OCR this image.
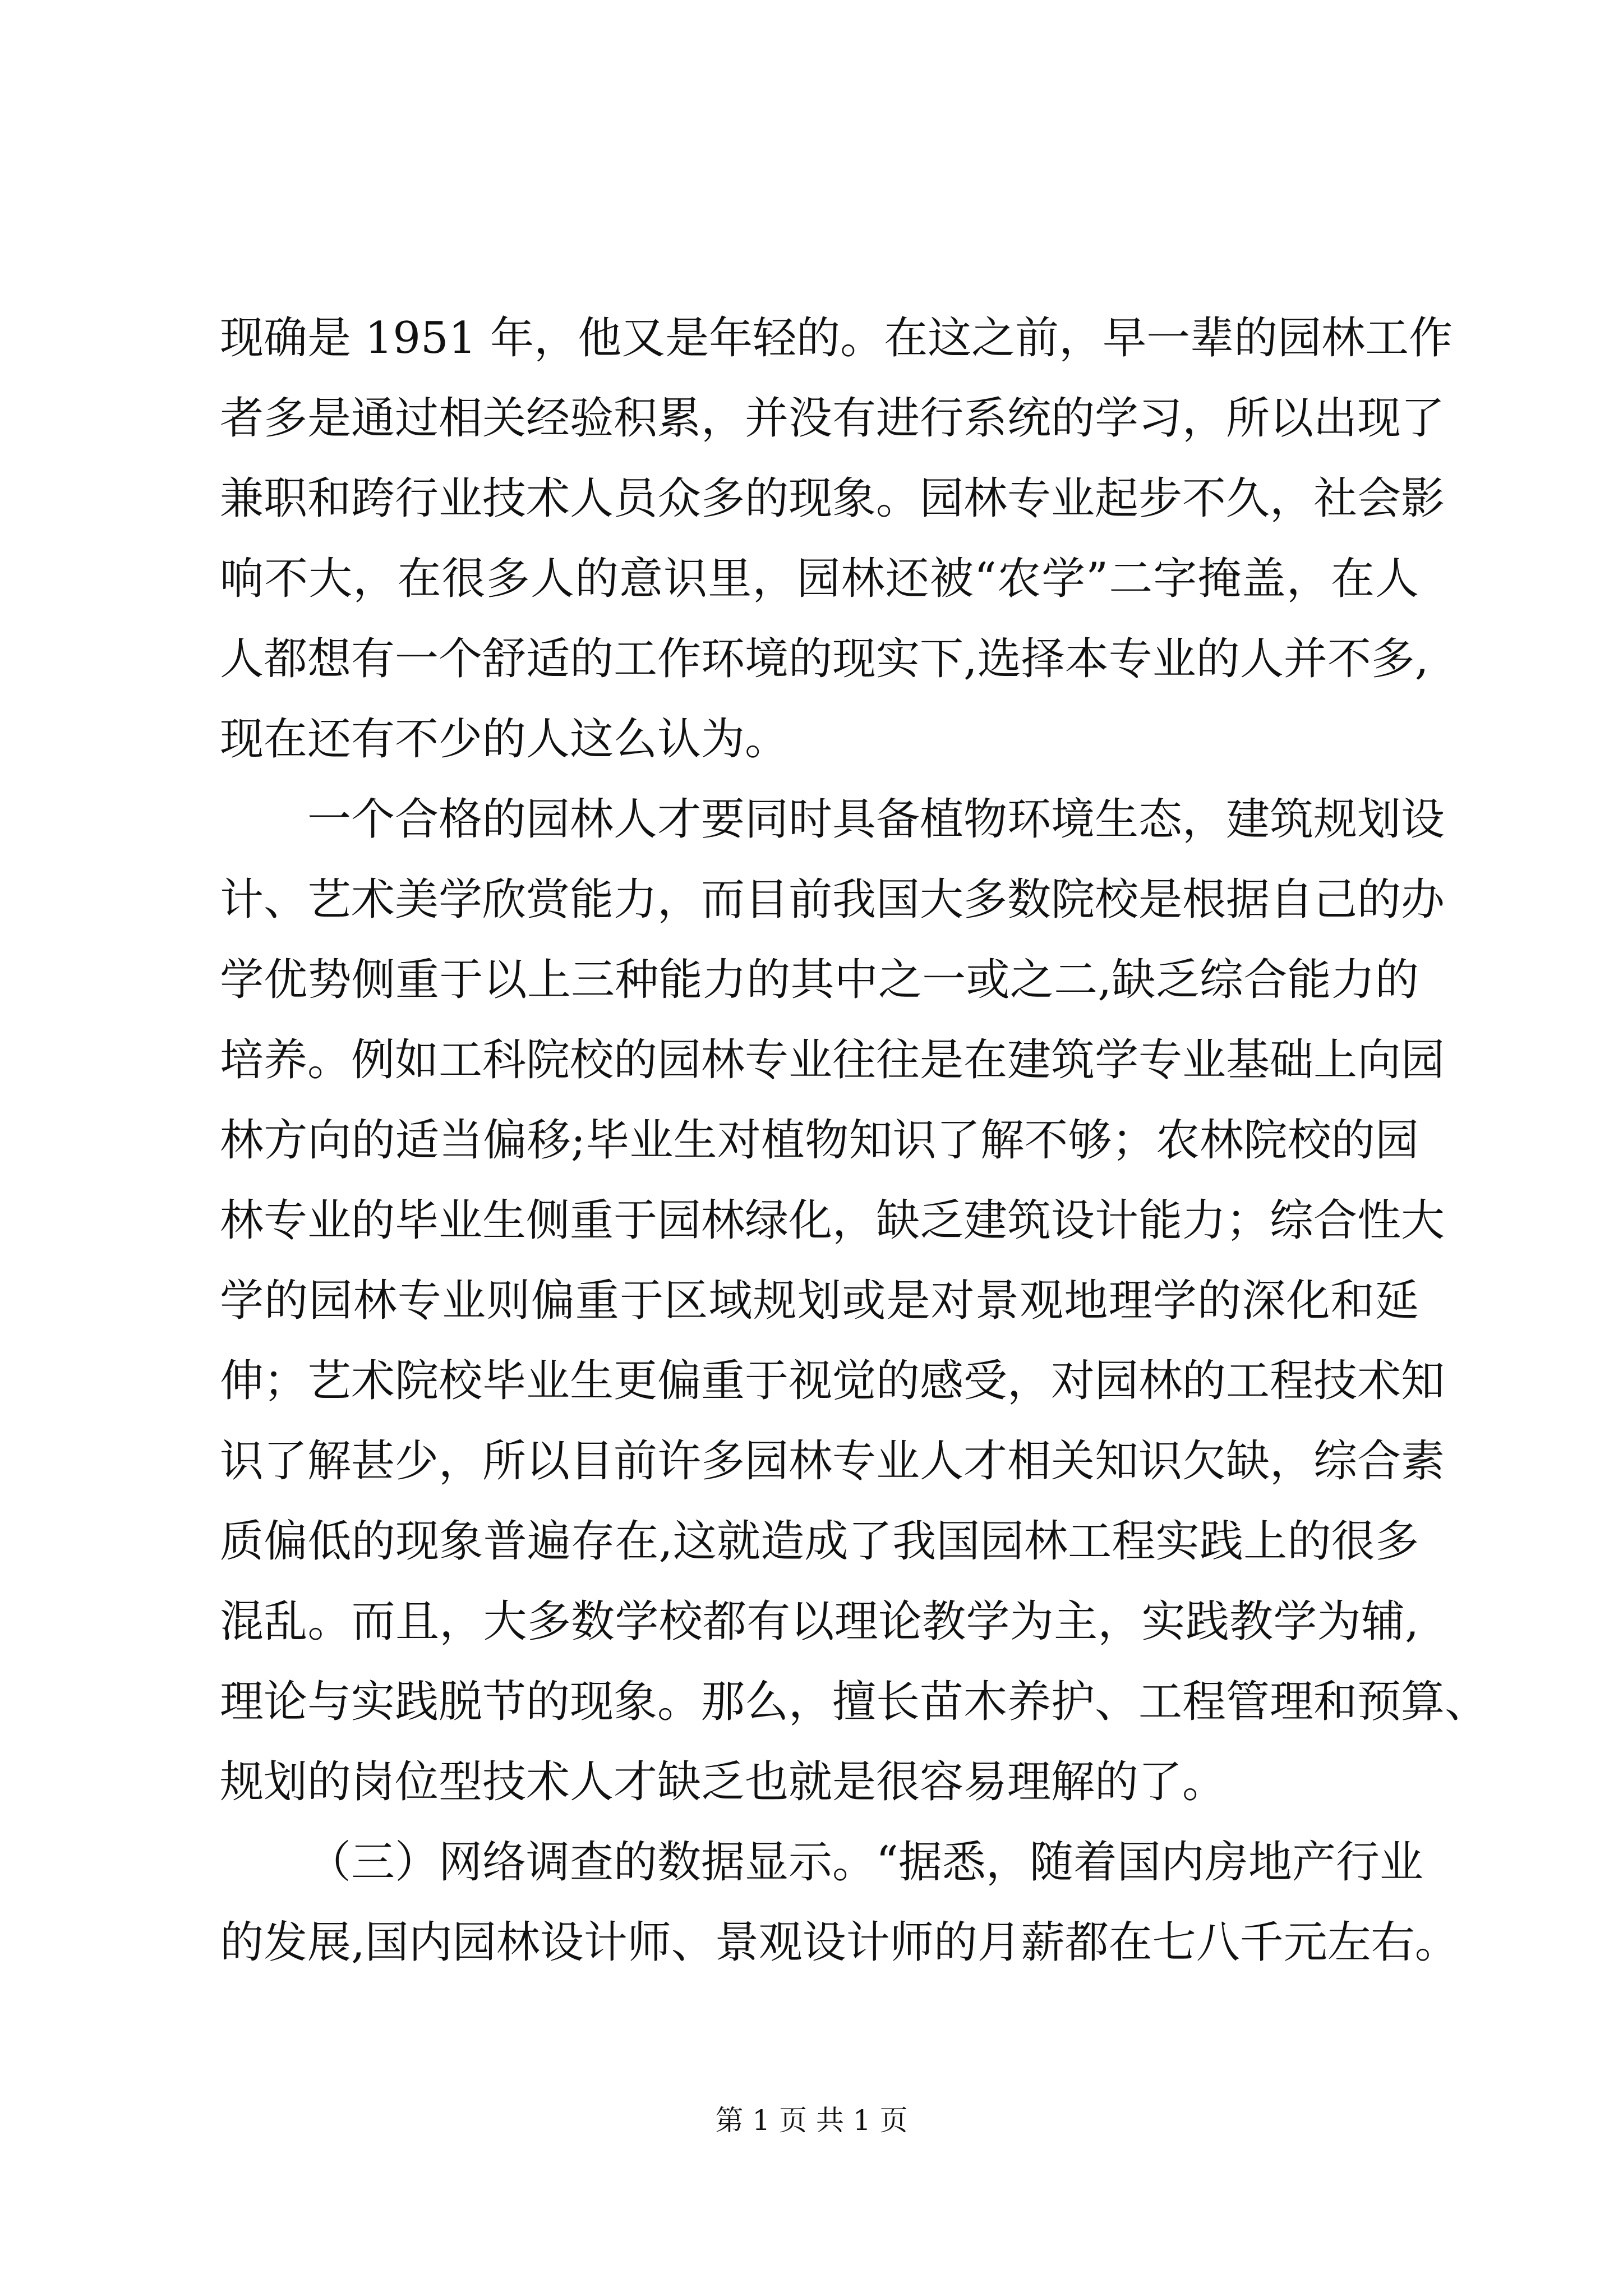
现确是 1951 年，他又是年轻的。在这之前，早一辈的园林工作
者多是通过相关经验积累，并没有进行系统的学习，所以出现了
兼职和跨行业技术人员众多的现象。园林专业起步不久，社会影
响不大，在很多人的意识里，园林还被“农学”二字掩盖，在人
人都想有一个舒适的工作环境的现实下,选择本专业的人并不多,
现在还有不少的人这么认为。
一个合格的园林人才要同时具备植物环境生态，建筑规划设
计、艺术美学欣赏能力，而目前我国大多数院校是根据自己的办
学优势侧重于以上三种能力的其中之一或之二,缺乏综合能力的
培养。例如工科院校的园林专业往往是在建筑学专业基础上向园
林方向的适当偏移;毕业生对植物知识了解不够；农林院校的园
林专业的毕业生侧重于园林绿化，缺乏建筑设计能力；综合性大
学的园林专业则偏重于区域规划或是对景观地理学的深化和延
伸；艺术院校毕业生更偏重于视觉的感受，对园林的工程技术知
识了解甚少，所以目前许多园林专业人才相关知识欠缺，综合素
质偏低的现象普遍存在,这就造成了我国园林工程实践上的很多
混乱。而且，大多数学校都有以理论教学为主，实践教学为辅,
理论与实践脱节的现象。那么，擅长苗木养护、工程管理和预算、
规划的岗位型技术人才缺乏也就是很容易理解的了。
（三）网络调查的数据显示。“据悉，随着国内房地产行业
的发展,国内园林设计师、景观设计师的月薪都在七八千元左右。
第 1 页 共 1 页
